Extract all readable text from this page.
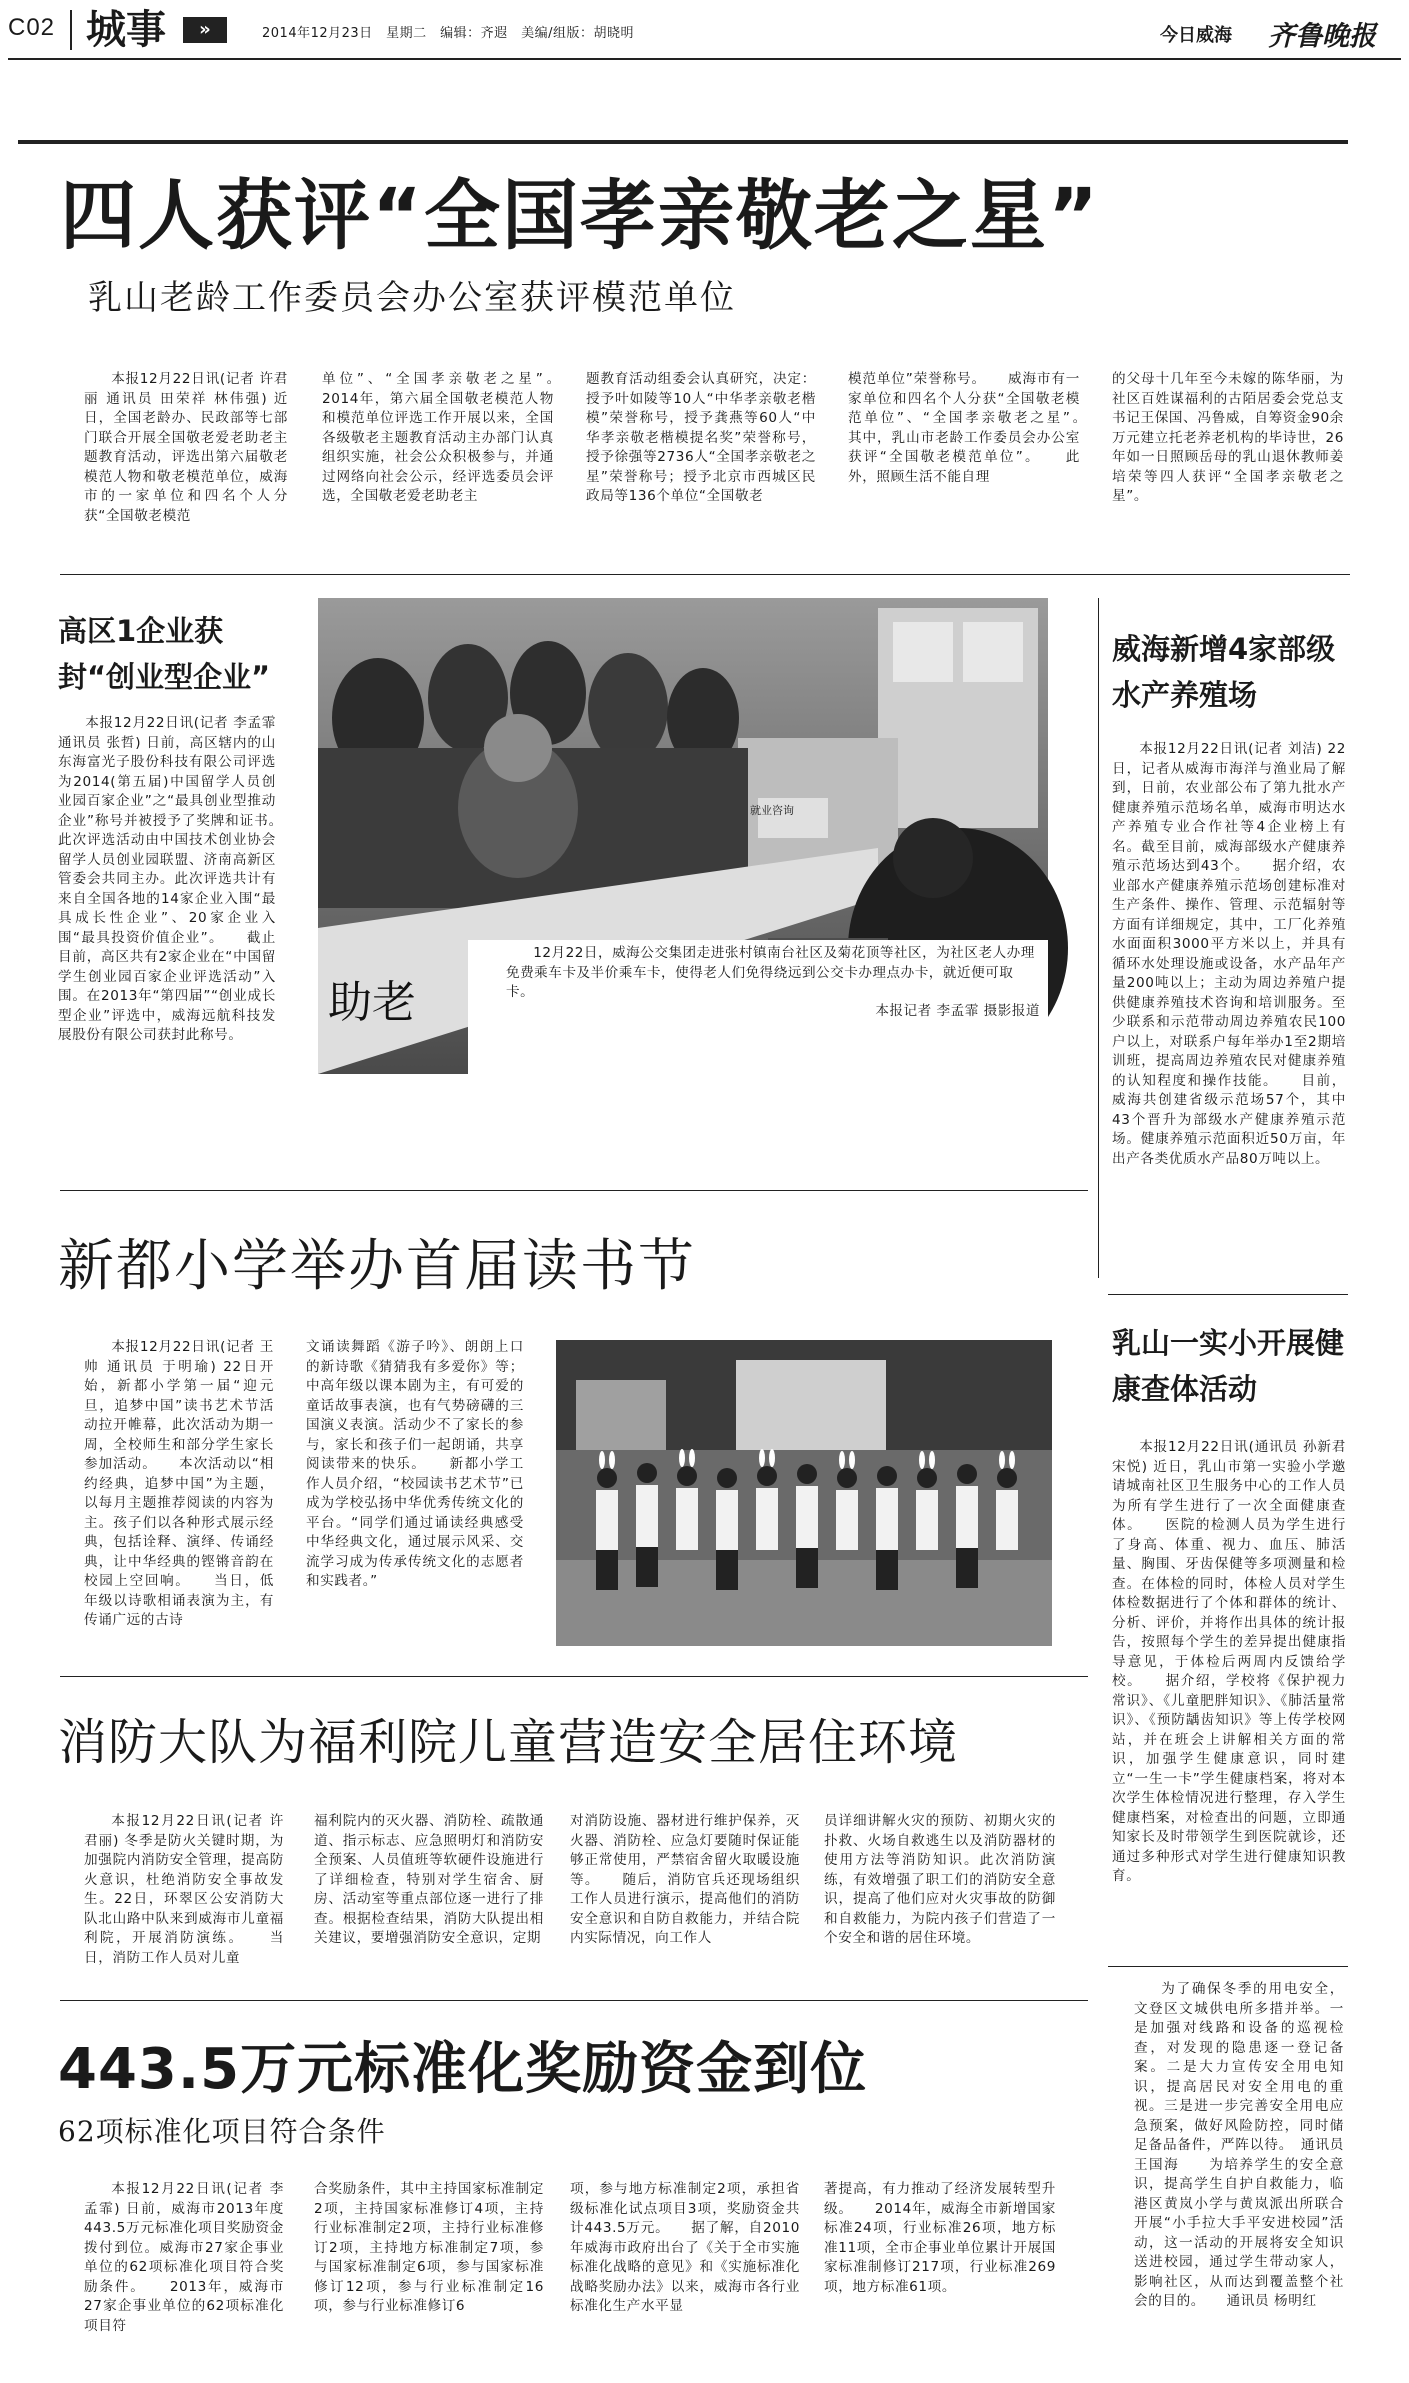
C02 城事	»	2014年12月23日　星期二　编辑：齐遐　美编/组版：胡晓明	今日威海 齐鲁晚报
四人获评“全国孝亲敬老之星”
乳山老龄工作委员会办公室获评模范单位

本报12月22日讯(记者 许君丽 通讯员 田荣祥 林伟强) 近日，全国老龄办、民政部等七部门联合开展全国敬老爱老助老主题教育活动，评选出第六届敬老模范人物和敬老模范单位，威海市的一家单位和四名个人分获“全国敬老模范

单位”、“全国孝亲敬老之星”。　　2014年，第六届全国敬老模范人物和模范单位评选工作开展以来，全国各级敬老主题教育活动主办部门认真组织实施，社会公众积极参与，并通过网络向社会公示，经评选委员会评选，全国敬老爱老助老主

题教育活动组委会认真研究，决定：授予叶如陵等10人“中华孝亲敬老楷模”荣誉称号，授予龚燕等60人“中华孝亲敬老楷模提名奖”荣誉称号，授予徐强等2736人“全国孝亲敬老之星”荣誉称号；授予北京市西城区民政局等136个单位“全国敬老

模范单位”荣誉称号。　　威海市有一家单位和四名个人分获“全国敬老模范单位”、“全国孝亲敬老之星”。　　其中，乳山市老龄工作委员会办公室获评“全国敬老模范单位”。　　此外，照顾生活不能自理

的父母十几年至今未嫁的陈华丽，为社区百姓谋福利的古陌居委会党总支书记王保国、冯鲁威，自筹资金90余万元建立托老养老机构的毕诗世，26年如一日照顾岳母的乳山退休教师姜培荣等四人获评“全国孝亲敬老之星”。

高区1企业获封“创业型企业”

本报12月22日讯(记者 李孟霏 通讯员 张哲) 日前，高区辖内的山东海富光子股份科技有限公司评选为2014(第五届)中国留学人员创业园百家企业”之“最具创业型推动企业”称号并被授予了奖牌和证书。　　此次评选活动由中国技术创业协会留学人员创业园联盟、济南高新区管委会共同主办。此次评选共计有来自全国各地的14家企业入围“最具成长性企业”、20家企业入围“最具投资价值企业”。　　截止目前，高区共有2家企业在“中国留学生创业园百家企业评选活动”入围。在2013年“第四届”“创业成长型企业”评选中，威海远航科技发展股份有限公司获封此称号。

就业咨询
助老
12月22日，威海公交集团走进张村镇南台社区及菊花顶等社区，为社区老人办理免费乘车卡及半价乘车卡，使得老人们免得绕远到公交卡办理点办卡，就近便可取卡。
本报记者 李孟霏 摄影报道
威海新增4家部级水产养殖场

本报12月22日讯(记者 刘洁) 22日，记者从威海市海洋与渔业局了解到，日前，农业部公布了第九批水产健康养殖示范场名单，威海市明达水产养殖专业合作社等4企业榜上有名。截至目前，威海部级水产健康养殖示范场达到43个。　　据介绍，农业部水产健康养殖示范场创建标准对生产条件、操作、管理、示范辐射等方面有详细规定，其中，工厂化养殖水面面积3000平方米以上，并具有循环水处理设施或设备，水产品年产量200吨以上；主动为周边养殖户提供健康养殖技术咨询和培训服务。至少联系和示范带动周边养殖农民100户以上，对联系户每年举办1至2期培训班，提高周边养殖农民对健康养殖的认知程度和操作技能。　　目前，威海共创建省级示范场57个，其中43个晋升为部级水产健康养殖示范场。健康养殖示范面积近50万亩，年出产各类优质水产品80万吨以上。

新都小学举办首届读书节

本报12月22日讯(记者 王帅 通讯员 于明瑜) 22日开始，新都小学第一届“迎元旦，追梦中国”读书艺术节活动拉开帷幕，此次活动为期一周，全校师生和部分学生家长参加活动。　　本次活动以“相约经典，追梦中国”为主题，以每月主题推荐阅读的内容为主。孩子们以各种形式展示经典，包括诠释、演绎、传诵经典，让中华经典的铿锵音韵在校园上空回响。　　当日，低年级以诗歌相诵表演为主，有传诵广远的古诗

文诵读舞蹈《游子吟》、朗朗上口的新诗歌《猜猜我有多爱你》等；中高年级以课本剧为主，有可爱的童话故事表演，也有气势磅礴的三国演义表演。活动少不了家长的参与，家长和孩子们一起朗诵，共享阅读带来的快乐。　　新都小学工作人员介绍，“校园读书艺术节”已成为学校弘扬中华优秀传统文化的平台。“同学们通过诵读经典感受中华经典文化，通过展示风采、交流学习成为传承传统文化的志愿者和实践者。”

乳山一实小开展健康查体活动

本报12月22日讯(通讯员 孙新君 宋悦) 近日，乳山市第一实验小学邀请城南社区卫生服务中心的工作人员为所有学生进行了一次全面健康查体。　　医院的检测人员为学生进行了身高、体重、视力、血压、肺活量、胸围、牙齿保健等多项测量和检查。在体检的同时，体检人员对学生体检数据进行了个体和群体的统计、分析、评价，并将作出具体的统计报告，按照每个学生的差异提出健康指导意见，于体检后两周内反馈给学校。　　据介绍，学校将《保护视力常识》、《儿童肥胖知识》、《肺活量常识》、《预防龋齿知识》等上传学校网站，并在班会上讲解相关方面的常识，加强学生健康意识，同时建立“一生一卡”学生健康档案，将对本次学生体检情况进行整理，存入学生健康档案，对检查出的问题，立即通知家长及时带领学生到医院就诊，还通过多种形式对学生进行健康知识教育。

消防大队为福利院儿童营造安全居住环境

本报12月22日讯(记者 许君丽) 冬季是防火关键时期，为加强院内消防安全管理，提高防火意识，杜绝消防安全事故发生。22日，环翠区公安消防大队北山路中队来到威海市儿童福利院，开展消防演练。　　当日，消防工作人员对儿童

福利院内的灭火器、消防栓、疏散通道、指示标志、应急照明灯和消防安全预案、人员值班等软硬件设施进行了详细检查，特别对学生宿舍、厨房、活动室等重点部位逐一进行了排查。根据检查结果，消防大队提出相关建议，要增强消防安全意识，定期

对消防设施、器材进行维护保养，灭火器、消防栓、应急灯要随时保证能够正常使用，严禁宿舍留火取暖设施等。　　随后，消防官兵还现场组织工作人员进行演示，提高他们的消防安全意识和自防自救能力，并结合院内实际情况，向工作人

员详细讲解火灾的预防、初期火灾的扑救、火场自救逃生以及消防器材的使用方法等消防知识。此次消防演练，有效增强了职工们的消防安全意识，提高了他们应对火灾事故的防御和自救能力，为院内孩子们营造了一个安全和谐的居住环境。

为了确保冬季的用电安全，文登区文城供电所多措并举。一是加强对线路和设备的巡视检查，对发现的隐患逐一登记备案。二是大力宣传安全用电知识，提高居民对安全用电的重视。三是进一步完善安全用电应急预案，做好风险防控，同时储足备品备件，严阵以待。　通讯员 王国海　　为培养学生的安全意识，提高学生自护自救能力，临港区黄岚小学与黄岚派出所联合开展“小手拉大手平安进校园”活动，这一活动的开展将安全知识送进校园，通过学生带动家人，影响社区，从而达到覆盖整个社会的目的。　　通讯员 杨明红

443.5万元标准化奖励资金到位
62项标准化项目符合条件

本报12月22日讯(记者 李孟霏) 日前，威海市2013年度443.5万元标准化项目奖励资金拨付到位。威海市27家企事业单位的62项标准化项目符合奖励条件。　　2013年，威海市27家企事业单位的62项标准化项目符

合奖励条件，其中主持国家标准制定2项，主持国家标准修订4项，主持行业标准制定2项，主持行业标准修订2项，主持地方标准制定7项，参与国家标准制定6项，参与国家标准修订12项，参与行业标准制定16项，参与行业标准修订6

项，参与地方标准制定2项，承担省级标准化试点项目3项，奖励资金共计443.5万元。　　据了解，自2010年威海市政府出台了《关于全市实施标准化战略的意见》和《实施标准化战略奖励办法》以来，威海市各行业标准化生产水平显

著提高，有力推动了经济发展转型升级。　　2014年，威海全市新增国家标准24项，行业标准26项，地方标准11项，全市企事业单位累计开展国家标准制修订217项，行业标准269项，地方标准61项。
